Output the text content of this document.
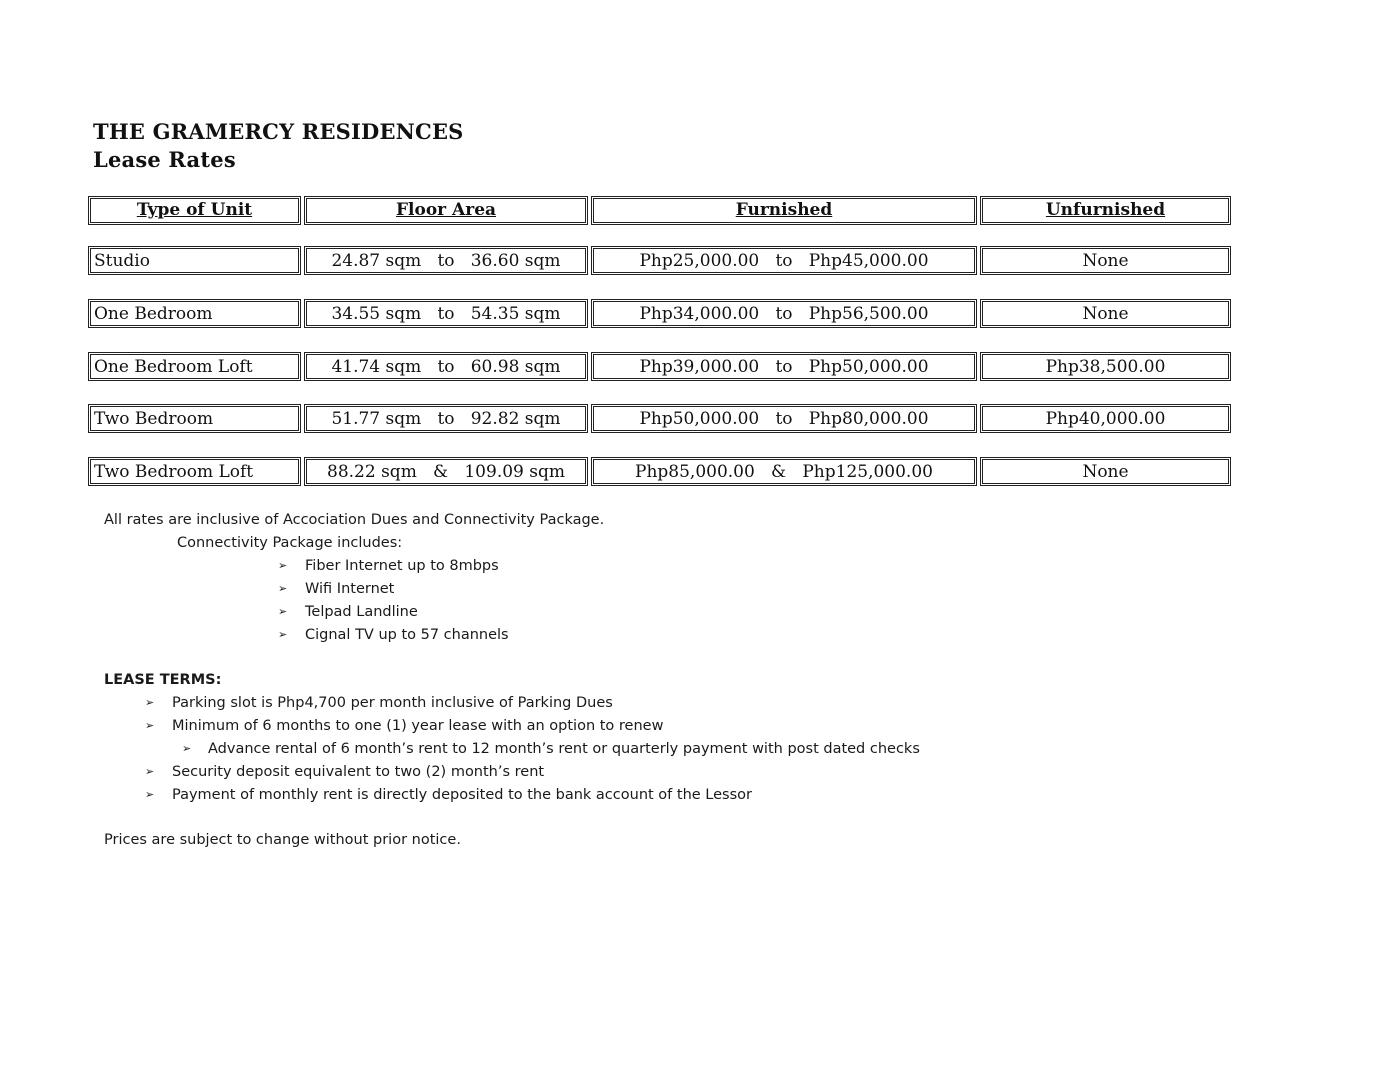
THE GRAMERCY RESIDENCES
Lease Rates
Type of Unit	Floor Area	Furnished	Unfurnished
Studio	24.87 sqm   to   36.60 sqm	Php25,000.00   to   Php45,000.00	None
One Bedroom	34.55 sqm   to   54.35 sqm	Php34,000.00   to   Php56,500.00	None
One Bedroom Loft	41.74 sqm   to   60.98 sqm	Php39,000.00   to   Php50,000.00	Php38,500.00
Two Bedroom	51.77 sqm   to   92.82 sqm	Php50,000.00   to   Php80,000.00	Php40,000.00
Two Bedroom Loft	88.22 sqm   &   109.09 sqm	Php85,000.00   &   Php125,000.00	None
All rates are inclusive of Accociation Dues and Connectivity Package.
Connectivity Package includes:
➢ Fiber Internet up to 8mbps
➢ Wifi Internet
➢ Telpad Landline
➢ Cignal TV up to 57 channels
LEASE TERMS:
➢ Parking slot is Php4,700 per month inclusive of Parking Dues
➢ Minimum of 6 months to one (1) year lease with an option to renew
➢ Advance rental of 6 month’s rent to 12 month’s rent or quarterly payment with post dated checks
➢ Security deposit equivalent to two (2) month’s rent
➢ Payment of monthly rent is directly deposited to the bank account of the Lessor
Prices are subject to change without prior notice.
